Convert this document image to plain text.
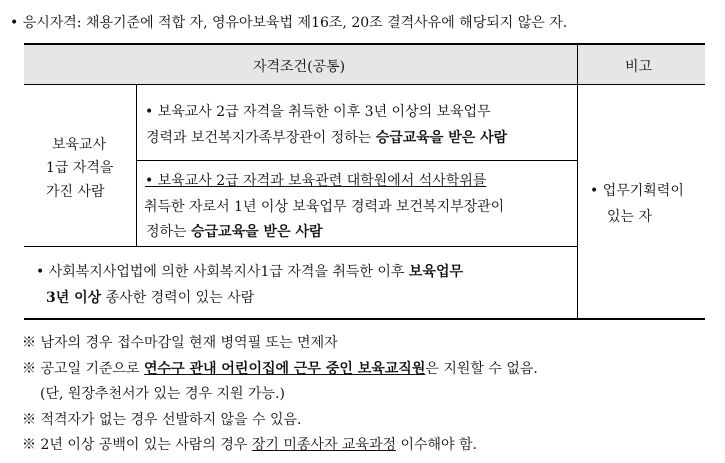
• 응시자격: 채용기준에 적합 자, 영유아보육법 제16조, 20조 결격사유에 해당되지 않은 자.
자격조건(공통)	비고
보육교사
1급 자격을
가진 사람
• 보육교사 2급 자격을 취득한 이후 3년 이상의 보육업무
경력과 보건복지가족부장관이 정하는 승급교육을 받은 사람
• 보육교사 2급 자격과 보육관련 대학원에서 석사학위를
취득한 자로서 1년 이상 보육업무 경력과 보건복지부장관이
정하는 승급교육을 받은 사람
• 사회복지사업법에 의한 사회복지사1급 자격을 취득한 이후 보육업무
3년 이상 종사한 경력이 있는 사람
• 업무기획력이
있는 자
※ 남자의 경우 접수마감일 현재 병역필 또는 면제자
※ 공고일 기준으로 연수구 관내 어린이집에 근무 중인 보육교직원은 지원할 수 없음.
(단, 원장추천서가 있는 경우 지원 가능.)
※ 적격자가 없는 경우 선발하지 않을 수 있음.
※ 2년 이상 공백이 있는 사람의 경우 장기 미종사자 교육과정 이수해야 함.
